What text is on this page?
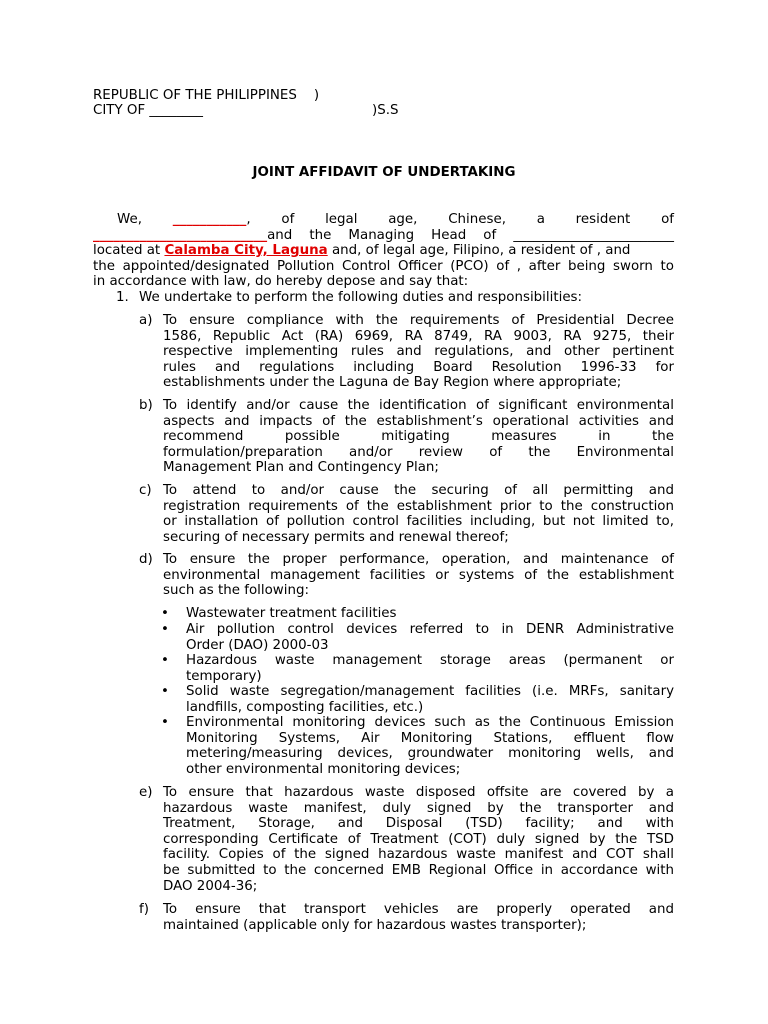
REPUBLIC OF THE PHILIPPINES    )
CITY OF ________	)S.S
JOINT AFFIDAVIT OF UNDERTAKING
We, ___________, of legal age, Chinese, a resident of
__________________________and the Managing Head of ________________________
located at Calamba City, Laguna and, of legal age, Filipino, a resident of , and
the appointed/designated Pollution Control Officer (PCO) of , after being sworn to
in accordance with law, do hereby depose and say that:
1. We undertake to perform the following duties and responsibilities:
a) To ensure compliance with the requirements of Presidential Decree
1586, Republic Act (RA) 6969, RA 8749, RA 9003, RA 9275, their
respective implementing rules and regulations, and other pertinent
rules and regulations including Board Resolution 1996-33 for
establishments under the Laguna de Bay Region where appropriate;
b) To identify and/or cause the identification of significant environmental
aspects and impacts of the establishment’s operational activities and
recommend possible mitigating measures in the
formulation/preparation and/or review of the Environmental
Management Plan and Contingency Plan;
c) To attend to and/or cause the securing of all permitting and
registration requirements of the establishment prior to the construction
or installation of pollution control facilities including, but not limited to,
securing of necessary permits and renewal thereof;
d) To ensure the proper performance, operation, and maintenance of
environmental management facilities or systems of the establishment
such as the following:
• Wastewater treatment facilities
• Air pollution control devices referred to in DENR Administrative
Order (DAO) 2000-03
• Hazardous waste management storage areas (permanent or
temporary)
• Solid waste segregation/management facilities (i.e. MRFs, sanitary
landfills, composting facilities, etc.)
• Environmental monitoring devices such as the Continuous Emission
Monitoring Systems, Air Monitoring Stations, effluent flow
metering/measuring devices, groundwater monitoring wells, and
other environmental monitoring devices;
e) To ensure that hazardous waste disposed offsite are covered by a
hazardous waste manifest, duly signed by the transporter and
Treatment, Storage, and Disposal (TSD) facility; and with
corresponding Certificate of Treatment (COT) duly signed by the TSD
facility. Copies of the signed hazardous waste manifest and COT shall
be submitted to the concerned EMB Regional Office in accordance with
DAO 2004-36;
f) To ensure that transport vehicles are properly operated and
maintained (applicable only for hazardous wastes transporter);
